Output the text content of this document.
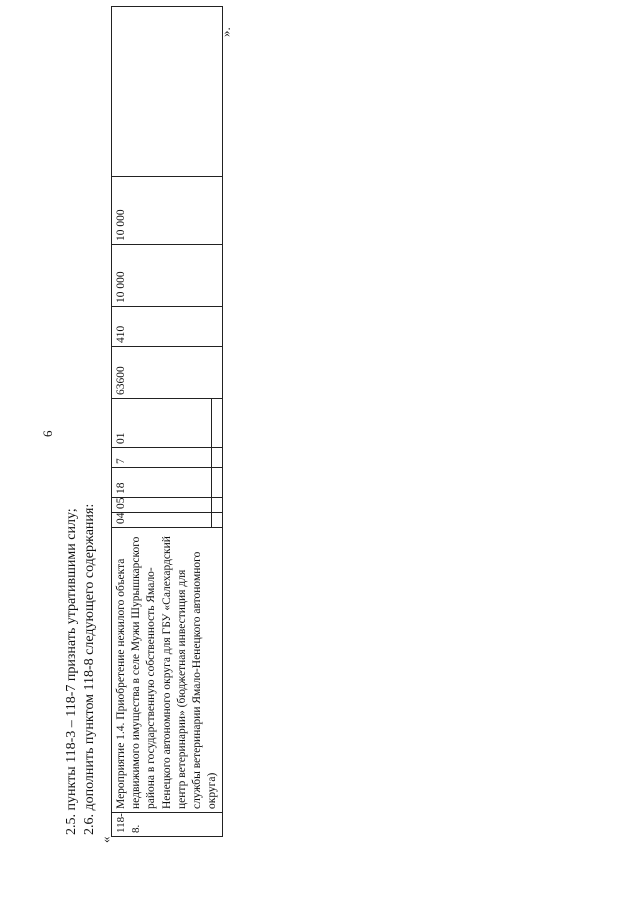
6
2.5. пункты 118-3 – 118-7 признать утратившими силу; 2.6. дополнить пунктом 118-8 следующего содержания:
«
118-8.	Мероприятие 1.4. Приобретение нежилого объекта недвижимого имущества в селе Мужи Шурышкарского района в государственную собственность Ямало-Ненецкого автономного округа для ГБУ «Салехардский центр ветеринарии» (бюджетная инвестиция для службы ветеринарии Ямало-Ненецкого автономного округа)	04	05	18	7	01	63600	410	10 000	10 000	

».
